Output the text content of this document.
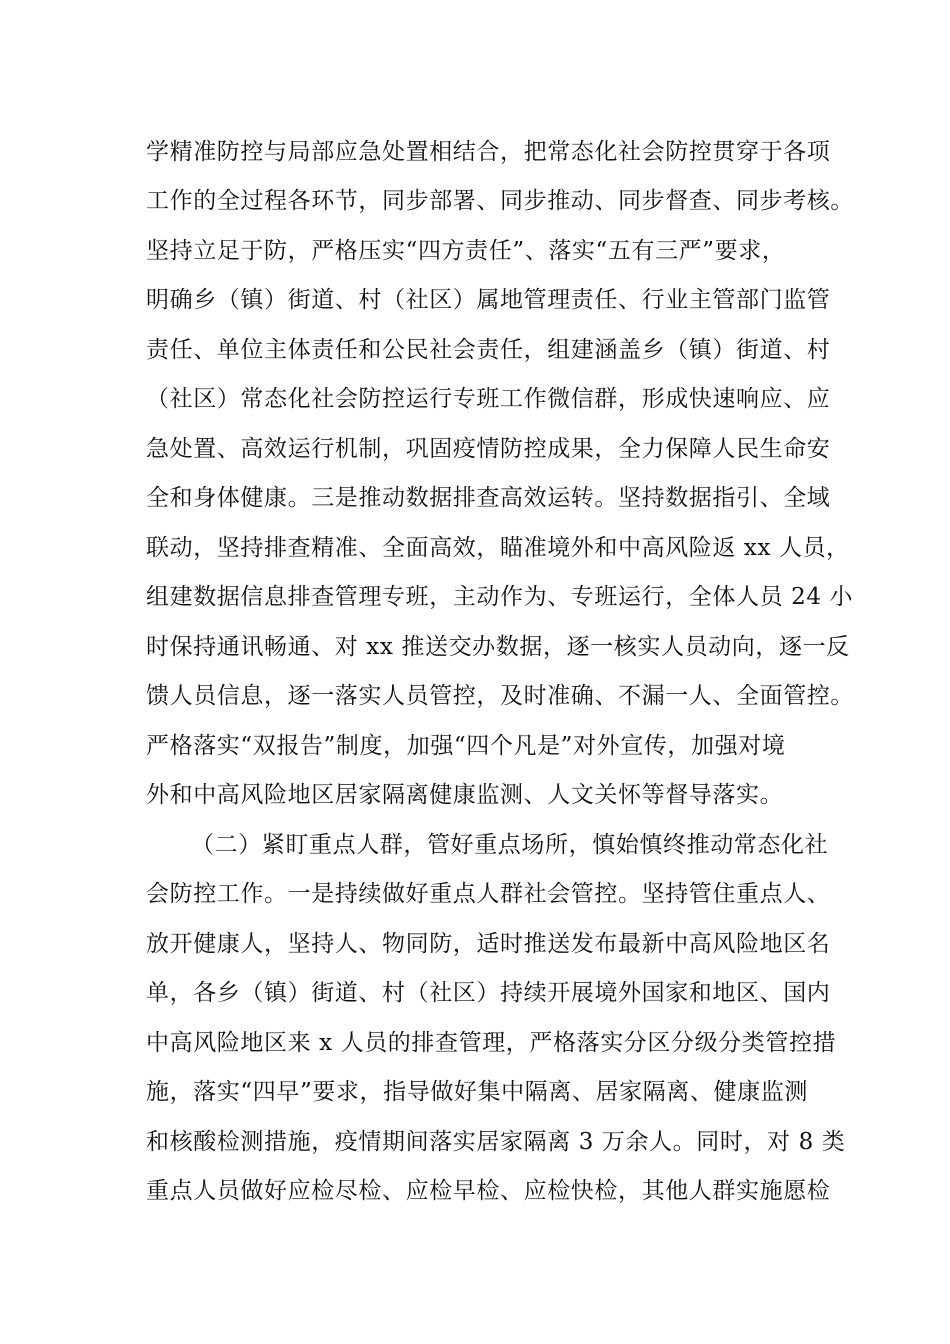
学精准防控与局部应急处置相结合，把常态化社会防控贯穿于各项
工作的全过程各环节，同步部署、同步推动、同步督查、同步考核。
坚持立足于防，严格压实“四方责任”、落实“五有三严”要求，
明确乡（镇）街道、村（社区）属地管理责任、行业主管部门监管
责任、单位主体责任和公民社会责任，组建涵盖乡（镇）街道、村
（社区）常态化社会防控运行专班工作微信群，形成快速响应、应
急处置、高效运行机制，巩固疫情防控成果，全力保障人民生命安
全和身体健康。三是推动数据排查高效运转。坚持数据指引、全域
联动，坚持排查精准、全面高效，瞄准境外和中高风险返 xx 人员，
组建数据信息排查管理专班，主动作为、专班运行，全体人员 24 小
时保持通讯畅通、对 xx 推送交办数据，逐一核实人员动向，逐一反
馈人员信息，逐一落实人员管控，及时准确、不漏一人、全面管控。
严格落实“双报告”制度，加强“四个凡是”对外宣传，加强对境
外和中高风险地区居家隔离健康监测、人文关怀等督导落实。
（二）紧盯重点人群，管好重点场所，慎始慎终推动常态化社
会防控工作。一是持续做好重点人群社会管控。坚持管住重点人、
放开健康人，坚持人、物同防，适时推送发布最新中高风险地区名
单，各乡（镇）街道、村（社区）持续开展境外国家和地区、国内
中高风险地区来 x 人员的排查管理，严格落实分区分级分类管控措
施，落实“四早”要求，指导做好集中隔离、居家隔离、健康监测
和核酸检测措施，疫情期间落实居家隔离 3 万余人。同时，对 8 类
重点人员做好应检尽检、应检早检、应检快检，其他人群实施愿检
